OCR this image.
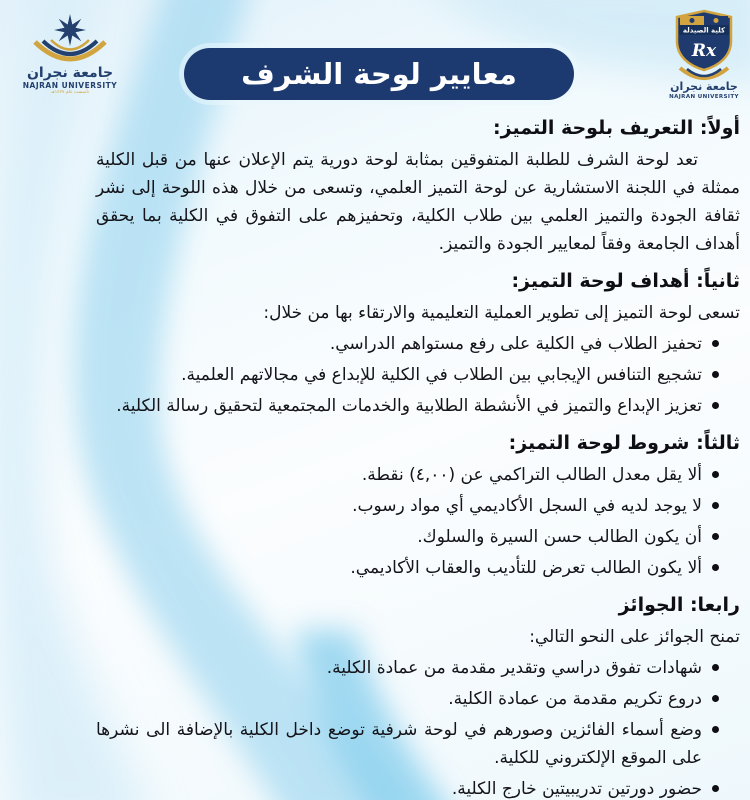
جامعة نجران
NAJRAN UNIVERSITY
تأسست عام ١٤٢٧هـ
معايير لوحة الشرف
كلية الصيدلة
Rx
جامعة نجران
NAJRAN UNIVERSITY
أولاً: التعريف بلوحة التميز:

تعد لوحة الشرف للطلبة المتفوقين بمثابة لوحة دورية يتم الإعلان عنها من قبل الكلية ممثلة في اللجنة الاستشارية عن لوحة التميز العلمي، وتسعى من خلال هذه اللوحة إلى نشر ثقافة الجودة والتميز العلمي بين طلاب الكلية، وتحفيزهم على التفوق في الكلية بما يحقق أهداف الجامعة وفقاً لمعايير الجودة والتميز.

ثانياً: أهداف لوحة التميز:

تسعى لوحة التميز إلى تطوير العملية التعليمية والارتقاء بها من خلال:

تحفيز الطلاب في الكلية على رفع مستواهم الدراسي.
تشجيع التنافس الإيجابي بين الطلاب في الكلية للإبداع في مجالاتهم العلمية.
تعزيز الإبداع والتميز في الأنشطة الطلابية والخدمات المجتمعية لتحقيق رسالة الكلية.
ثالثاً: شروط لوحة التميز:
ألا يقل معدل الطالب التراكمي عن (٤,٠٠) نقطة.
لا يوجد لديه في السجل الأكاديمي أي مواد رسوب.
أن يكون الطالب حسن السيرة والسلوك.
ألا يكون الطالب تعرض للتأديب والعقاب الأكاديمي.
رابعا: الجوائز

تمنح الجوائز على النحو التالي:

شهادات تفوق دراسي وتقدير مقدمة من عمادة الكلية.
دروع تكريم مقدمة من عمادة الكلية.
وضع أسماء الفائزين وصورهم في لوحة شرفية توضع داخل الكلية بالإضافة الى نشرها على الموقع الإلكتروني للكلية.
حضور دورتين تدريبيتين خارج الكلية.
